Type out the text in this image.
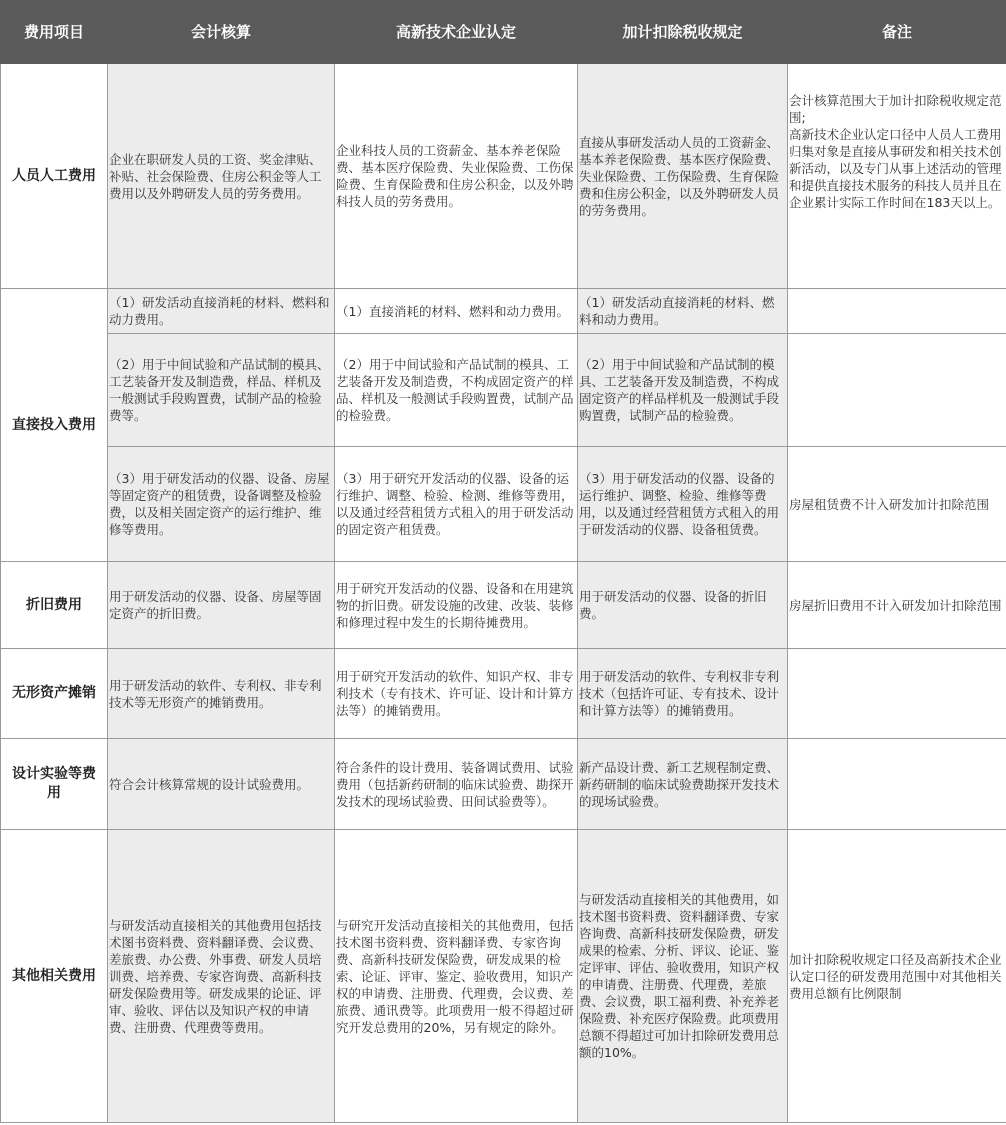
费用项目	会计核算	高新技术企业认定	加计扣除税收规定	备注
人员人工费用	企业在职研发人员的工资、奖金津贴、补贴、社会保险费、住房公积金等人工费用以及外聘研发人员的劳务费用。	企业科技人员的工资薪金、基本养老保险费、基本医疗保险费、失业保险费、工伤保险费、生育保险费和住房公积金，以及外聘科技人员的劳务费用。	直接从事研发活动人员的工资薪金、基本养老保险费、基本医疗保险费、失业保险费、工伤保险费、生育保险费和住房公积金，以及外聘研发人员的劳务费用。	会计核算范围大于加计扣除税收规定范围;
高新技术企业认定口径中人员人工费用归集对象是直接从事研发和相关技术创新活动，以及专门从事上述活动的管理和提供直接技术服务的科技人员并且在企业累计实际工作时间在183天以上。
直接投入费用	（1）研发活动直接消耗的材料、燃料和动力费用。	（1）直接消耗的材料、燃料和动力费用。	（1）研发活动直接消耗的材料、燃料和动力费用。	
	（2）用于中间试验和产品试制的模具、工艺装备开发及制造费，样品、样机及一般测试手段购置费，试制产品的检验费等。	（2）用于中间试验和产品试制的模具、工艺装备开发及制造费，不构成固定资产的样品、样机及一般测试手段购置费，试制产品的检验费。	（2）用于中间试验和产品试制的模具、工艺装备开发及制造费，不构成固定资产的样品样机及一般测试手段购置费，试制产品的检验费。	
	（3）用于研发活动的仪器、设备、房屋等固定资产的租赁费，设备调整及检验费，以及相关固定资产的运行维护、维修等费用。	（3）用于研究开发活动的仪器、设备的运行维护、调整、检验、检测、维修等费用，以及通过经营租赁方式租入的用于研发活动的固定资产租赁费。	（3）用于研发活动的仪器、设备的运行维护、调整、检验、维修等费用，以及通过经营租赁方式租入的用于研发活动的仪器、设备租赁费。	房屋租赁费不计入研发加计扣除范围
折旧费用	用于研发活动的仪器、设备、房屋等固定资产的折旧费。	用于研究开发活动的仪器、设备和在用建筑物的折旧费。研发设施的改建、改装、装修和修理过程中发生的长期待摊费用。	用于研发活动的仪器、设备的折旧费。	房屋折旧费用不计入研发加计扣除范围
无形资产摊销	用于研发活动的软件、专利权、非专利技术等无形资产的摊销费用。	用于研究开发活动的软件、知识产权、非专利技术（专有技术、许可证、设计和计算方法等）的摊销费用。	用于研发活动的软件、专利权非专利技术（包括许可证、专有技术、设计和计算方法等）的摊销费用。	
设计实验等费用	符合会计核算常规的设计试验费用。	符合条件的设计费用、装备调试费用、试验费用（包括新药研制的临床试验费、勘探开发技术的现场试验费、田间试验费等）。	新产品设计费、新工艺规程制定费、新药研制的临床试验费勘探开发技术的现场试验费。	
其他相关费用	与研发活动直接相关的其他费用包括技术图书资料费、资料翻译费、会议费、差旅费、办公费、外事费、研发人员培训费、培养费、专家咨询费、高新科技研发保险费用等。研发成果的论证、评审、验收、评估以及知识产权的申请费、注册费、代理费等费用。	与研究开发活动直接相关的其他费用，包括技术图书资料费、资料翻译费、专家咨询费、高新科技研发保险费，研发成果的检索、论证、评审、鉴定、验收费用，知识产权的申请费、注册费、代理费，会议费、差旅费、通讯费等。此项费用一般不得超过研究开发总费用的20%，另有规定的除外。	与研发活动直接相关的其他费用，如技术图书资料费、资料翻译费、专家咨询费、高新科技研发保险费，研发成果的检索、分析、评议、论证、鉴定评审、评估、验收费用，知识产权的申请费、注册费、代理费，差旅费、会议费，职工福利费、补充养老保险费、补充医疗保险费。此项费用总额不得超过可加计扣除研发费用总额的10%。	加计扣除税收规定口径及高新技术企业认定口径的研发费用范围中对其他相关费用总额有比例限制
